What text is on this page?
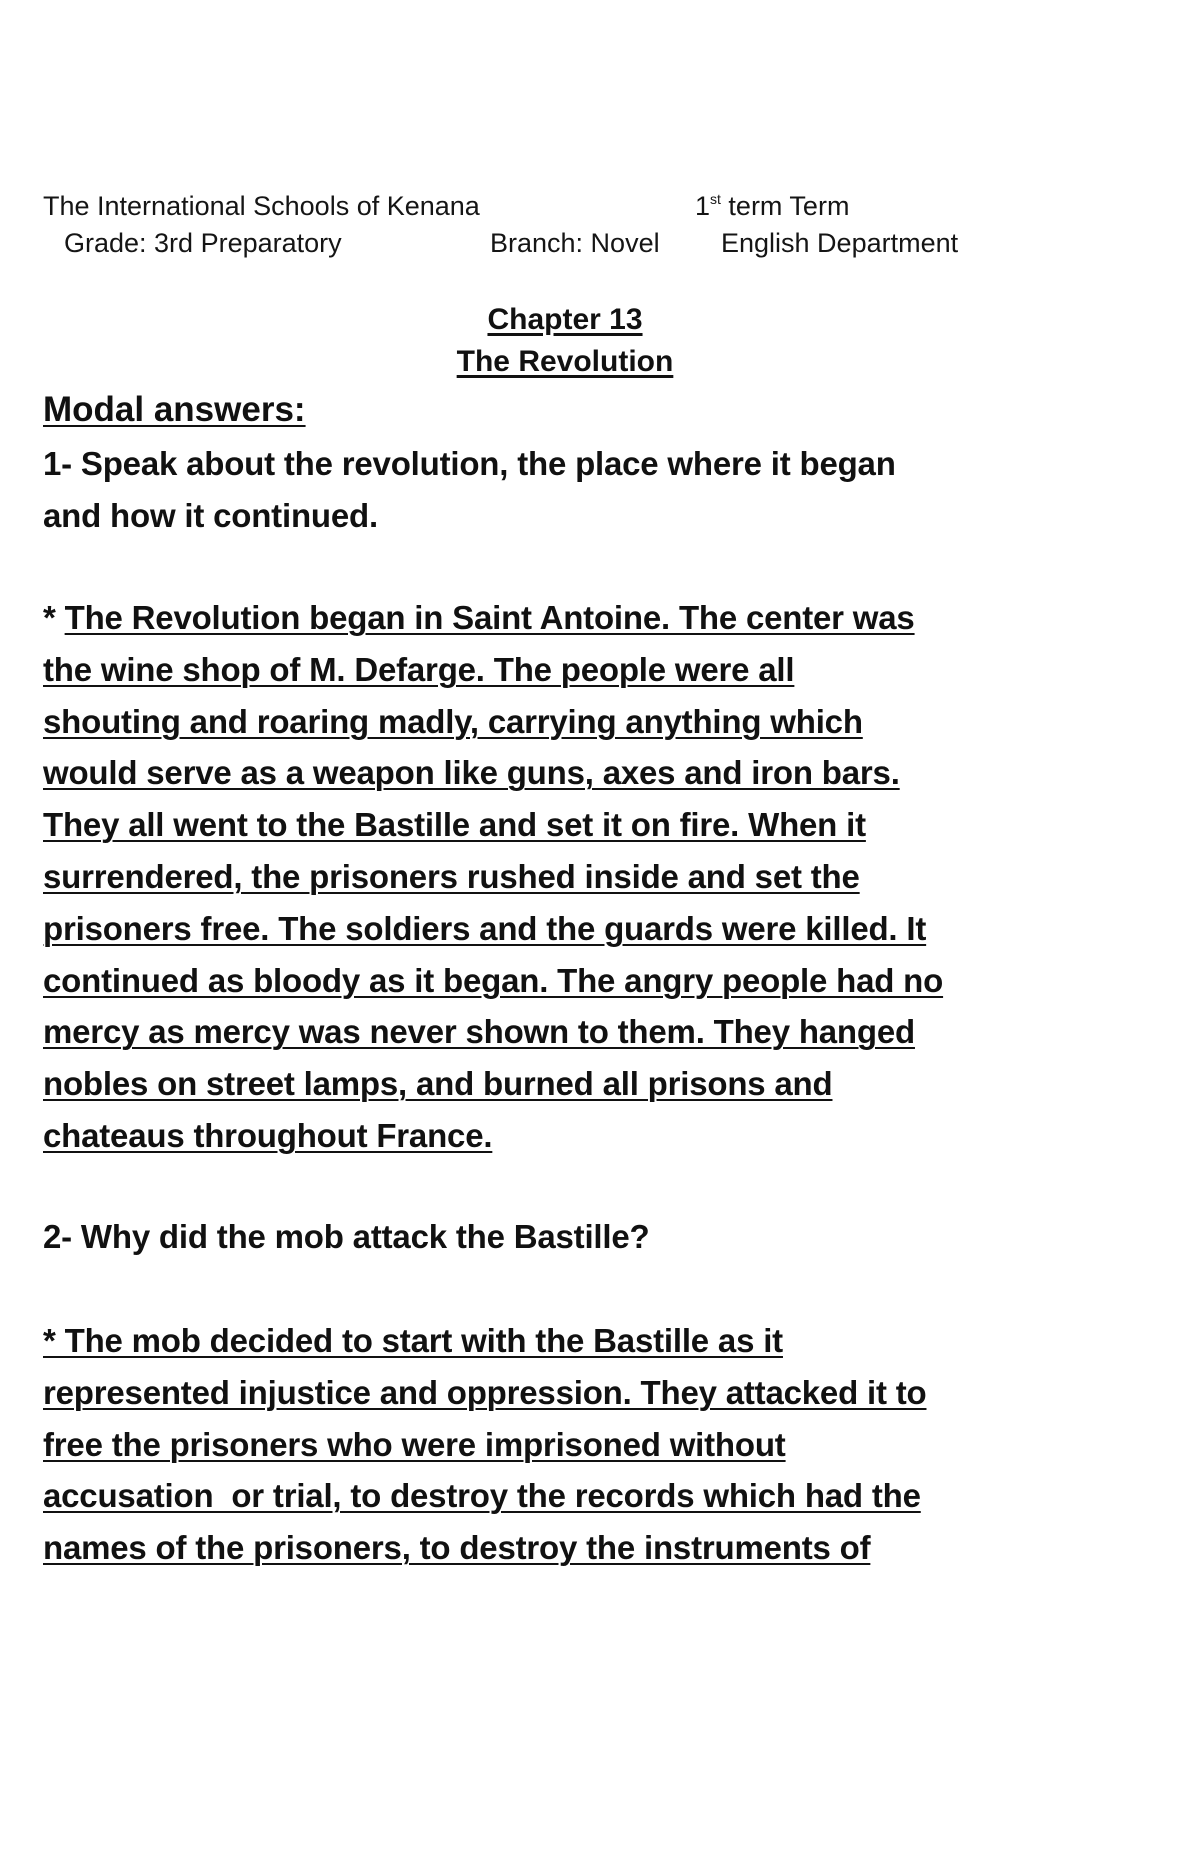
The International Schools of Kenana	1st term Term
Grade: 3rd Preparatory	Branch: Novel English Department
Chapter 13
The Revolution
Modal answers:
1- Speak about the revolution, the place where it began
and how it continued.
* The Revolution began in Saint Antoine. The center was
the wine shop of M. Defarge. The people were all
shouting and roaring madly, carrying anything which
would serve as a weapon like guns, axes and iron bars.
They all went to the Bastille and set it on fire. When it
surrendered, the prisoners rushed inside and set the
prisoners free. The soldiers and the guards were killed. It
continued as bloody as it began. The angry people had no
mercy as mercy was never shown to them. They hanged
nobles on street lamps, and burned all prisons and
chateaus throughout France.
2- Why did the mob attack the Bastille?
* The mob decided to start with the Bastille as it
represented injustice and oppression. They attacked it to
free the prisoners who were imprisoned without
accusation  or trial, to destroy the records which had the
names of the prisoners, to destroy the instruments of
